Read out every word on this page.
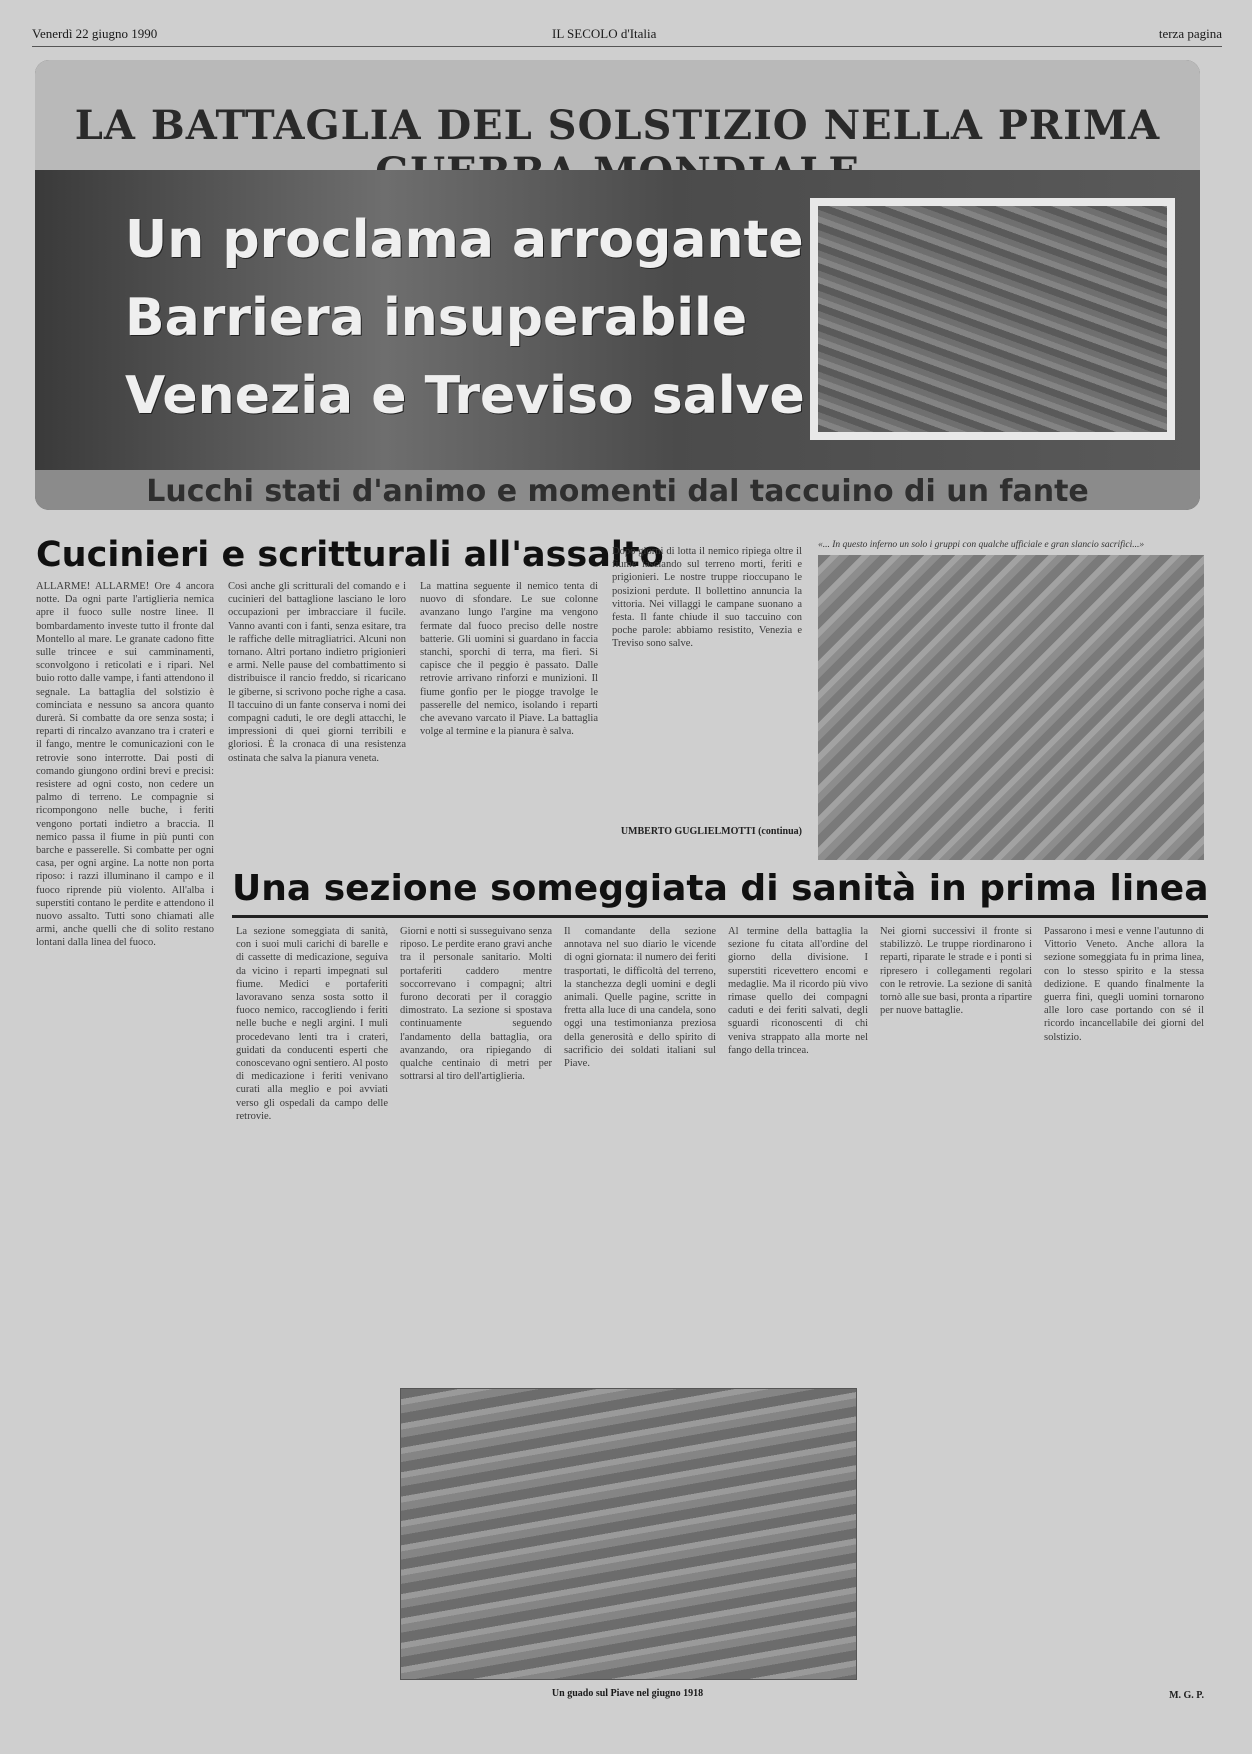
Venerdì 22 giugno 1990	IL SECOLO d'Italia	terza pagina
LA BATTAGLIA DEL SOLSTIZIO NELLA PRIMA
Un proclama arrogante
Barriera insuperabile
Venezia e Treviso salve
Lucchi stati d'animo e momenti dal taccuino di un fante
Cucinieri e scritturali all'assalto
ALLARME! ALLARME! Ore 4 ancora notte. Da ogni parte l'artiglieria nemica apre il fuoco sulle nostre linee. Il bombardamento investe tutto il fronte dal Montello al mare. Le granate cadono fitte sulle trincee e sui camminamenti, sconvolgono i reticolati e i ripari. Nel buio rotto dalle vampe, i fanti attendono il segnale. La battaglia del solstizio è cominciata e nessuno sa ancora quanto durerà. Si combatte da ore senza sosta; i reparti di rincalzo avanzano tra i crateri e il fango, mentre le comunicazioni con le retrovie sono interrotte. Dai posti di comando giungono ordini brevi e precisi: resistere ad ogni costo, non cedere un palmo di terreno. Le compagnie si ricompongono nelle buche, i feriti vengono portati indietro a braccia. Il nemico passa il fiume in più punti con barche e passerelle. Si combatte per ogni casa, per ogni argine. La notte non porta riposo: i razzi illuminano il campo e il fuoco riprende più violento. All'alba i superstiti contano le perdite e attendono il nuovo assalto. Tutti sono chiamati alle armi, anche quelli che di solito restano lontani dalla linea del fuoco.
Così anche gli scritturali del comando e i cucinieri del battaglione lasciano le loro occupazioni per imbracciare il fucile. Vanno avanti con i fanti, senza esitare, tra le raffiche delle mitragliatrici. Alcuni non tornano. Altri portano indietro prigionieri e armi. Nelle pause del combattimento si distribuisce il rancio freddo, si ricaricano le giberne, si scrivono poche righe a casa. Il taccuino di un fante conserva i nomi dei compagni caduti, le ore degli attacchi, le impressioni di quei giorni terribili e gloriosi. È la cronaca di una resistenza ostinata che salva la pianura veneta.
La mattina seguente il nemico tenta di nuovo di sfondare. Le sue colonne avanzano lungo l'argine ma vengono fermate dal fuoco preciso delle nostre batterie. Gli uomini si guardano in faccia stanchi, sporchi di terra, ma fieri. Si capisce che il peggio è passato. Dalle retrovie arrivano rinforzi e munizioni. Il fiume gonfio per le piogge travolge le passerelle del nemico, isolando i reparti che avevano varcato il Piave. La battaglia volge al termine e la pianura è salva.
Dopo giorni di lotta il nemico ripiega oltre il fiume lasciando sul terreno morti, feriti e prigionieri. Le nostre truppe rioccupano le posizioni perdute. Il bollettino annuncia la vittoria. Nei villaggi le campane suonano a festa. Il fante chiude il suo taccuino con poche parole: abbiamo resistito, Venezia e Treviso sono salve.
UMBERTO GUGLIELMOTTI (continua)
«... In questo inferno un solo i gruppi con qualche ufficiale e gran slancio sacrifici...»
Una sezione someggiata di sanità in prima linea
La sezione someggiata di sanità, con i suoi muli carichi di barelle e di cassette di medicazione, seguiva da vicino i reparti impegnati sul fiume. Medici e portaferiti lavoravano senza sosta sotto il fuoco nemico, raccogliendo i feriti nelle buche e negli argini. I muli procedevano lenti tra i crateri, guidati da conducenti esperti che conoscevano ogni sentiero. Al posto di medicazione i feriti venivano curati alla meglio e poi avviati verso gli ospedali da campo delle retrovie.
Giorni e notti si susseguivano senza riposo. Le perdite erano gravi anche tra il personale sanitario. Molti portaferiti caddero mentre soccorrevano i compagni; altri furono decorati per il coraggio dimostrato. La sezione si spostava continuamente seguendo l'andamento della battaglia, ora avanzando, ora ripiegando di qualche centinaio di metri per sottrarsi al tiro dell'artiglieria.
Il comandante della sezione annotava nel suo diario le vicende di ogni giornata: il numero dei feriti trasportati, le difficoltà del terreno, la stanchezza degli uomini e degli animali. Quelle pagine, scritte in fretta alla luce di una candela, sono oggi una testimonianza preziosa della generosità e dello spirito di sacrificio dei soldati italiani sul Piave.
Al termine della battaglia la sezione fu citata all'ordine del giorno della divisione. I superstiti ricevettero encomi e medaglie. Ma il ricordo più vivo rimase quello dei compagni caduti e dei feriti salvati, degli sguardi riconoscenti di chi veniva strappato alla morte nel fango della trincea.
Nei giorni successivi il fronte si stabilizzò. Le truppe riordinarono i reparti, riparate le strade e i ponti si ripresero i collegamenti regolari con le retrovie. La sezione di sanità tornò alle sue basi, pronta a ripartire per nuove battaglie.
Passarono i mesi e venne l'autunno di Vittorio Veneto. Anche allora la sezione someggiata fu in prima linea, con lo stesso spirito e la stessa dedizione. E quando finalmente la guerra finì, quegli uomini tornarono alle loro case portando con sé il ricordo incancellabile dei giorni del solstizio.
M. G. P.
Un guado sul Piave nel giugno 1918
